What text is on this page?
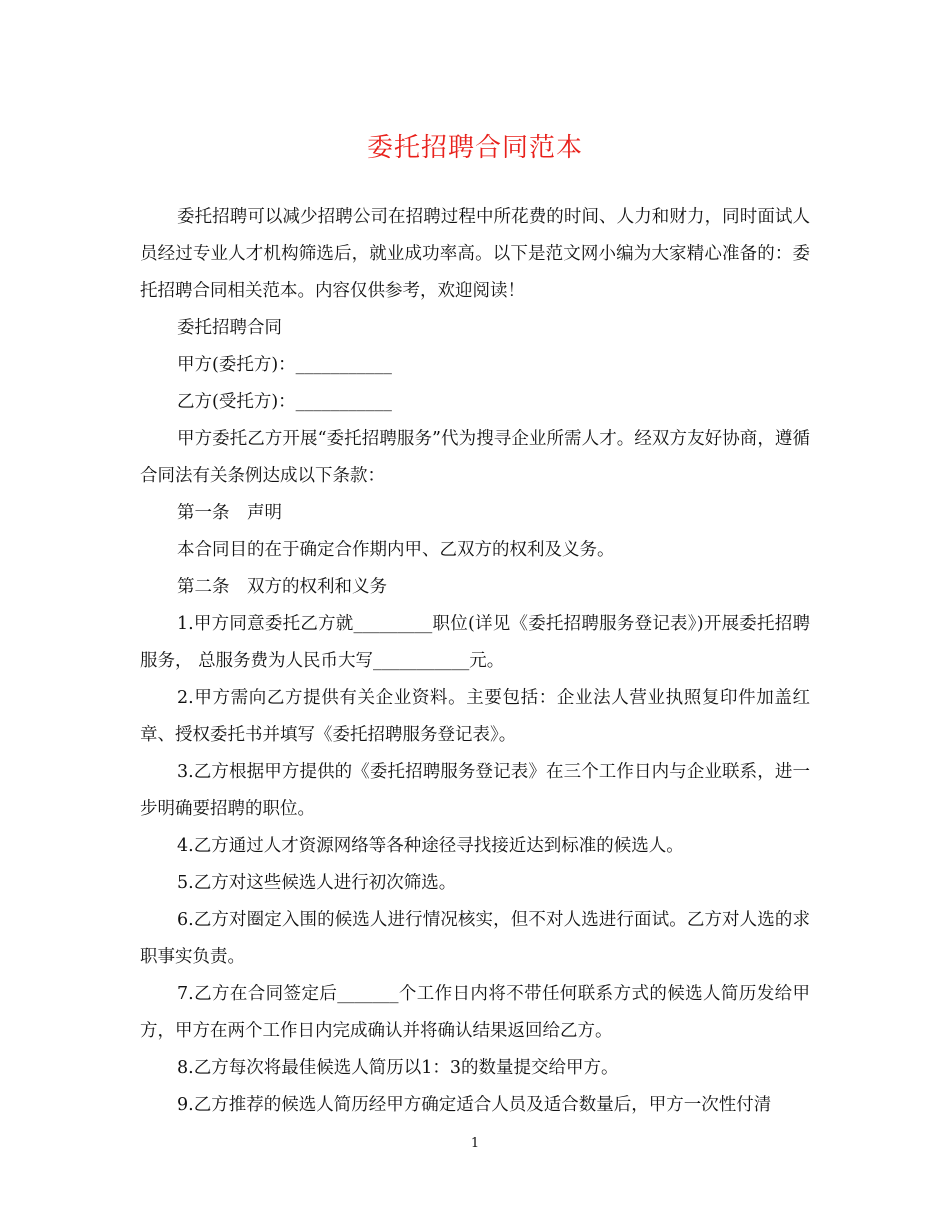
委托招聘合同范本

委托招聘可以减少招聘公司在招聘过程中所花费的时间、人力和财力，同时面试人员经过专业人才机构筛选后，就业成功率高。以下是范文网小编为大家精心准备的：委托招聘合同相关范本。内容仅供参考，欢迎阅读！

委托招聘合同

甲方(委托方)：___________

乙方(受托方)：___________

甲方委托乙方开展“委托招聘服务”代为搜寻企业所需人才。经双方友好协商，遵循合同法有关条例达成以下条款：

第一条　声明

本合同目的在于确定合作期内甲、乙双方的权利及义务。

第二条　双方的权利和义务

1.甲方同意委托乙方就_________职位(详见《委托招聘服务登记表》)开展委托招聘服务， 总服务费为人民币大写___________元。

2.甲方需向乙方提供有关企业资料。主要包括：企业法人营业执照复印件加盖红章、授权委托书并填写《委托招聘服务登记表》。

3.乙方根据甲方提供的《委托招聘服务登记表》在三个工作日内与企业联系，进一步明确要招聘的职位。

4.乙方通过人才资源网络等各种途径寻找接近达到标准的候选人。

5.乙方对这些候选人进行初次筛选。

6.乙方对圈定入围的候选人进行情况核实，但不对人选进行面试。乙方对人选的求职事实负责。

7.乙方在合同签定后_______个工作日内将不带任何联系方式的候选人简历发给甲方，甲方在两个工作日内完成确认并将确认结果返回给乙方。

8.乙方每次将最佳候选人简历以1：3的数量提交给甲方。

9.乙方推荐的候选人简历经甲方确定适合人员及适合数量后，甲方一次性付清

1
